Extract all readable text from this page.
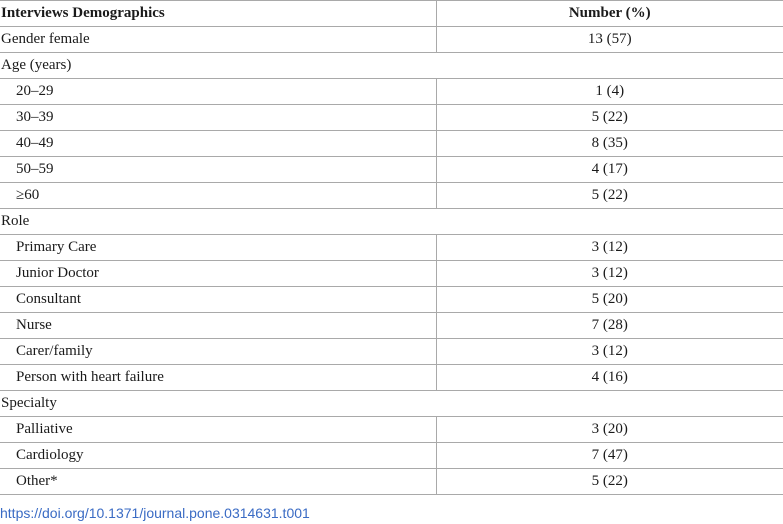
Interviews Demographics	Number (%)
Gender female	13 (57)
Age (years)	
20–29	1 (4)
30–39	5 (22)
40–49	8 (35)
50–59	4 (17)
≥60	5 (22)
Role	
Primary Care	3 (12)
Junior Doctor	3 (12)
Consultant	5 (20)
Nurse	7 (28)
Carer/family	3 (12)
Person with heart failure	4 (16)
Specialty	
Palliative	3 (20)
Cardiology	7 (47)
Other*	5 (22)
https://doi.org/10.1371/journal.pone.0314631.t001
